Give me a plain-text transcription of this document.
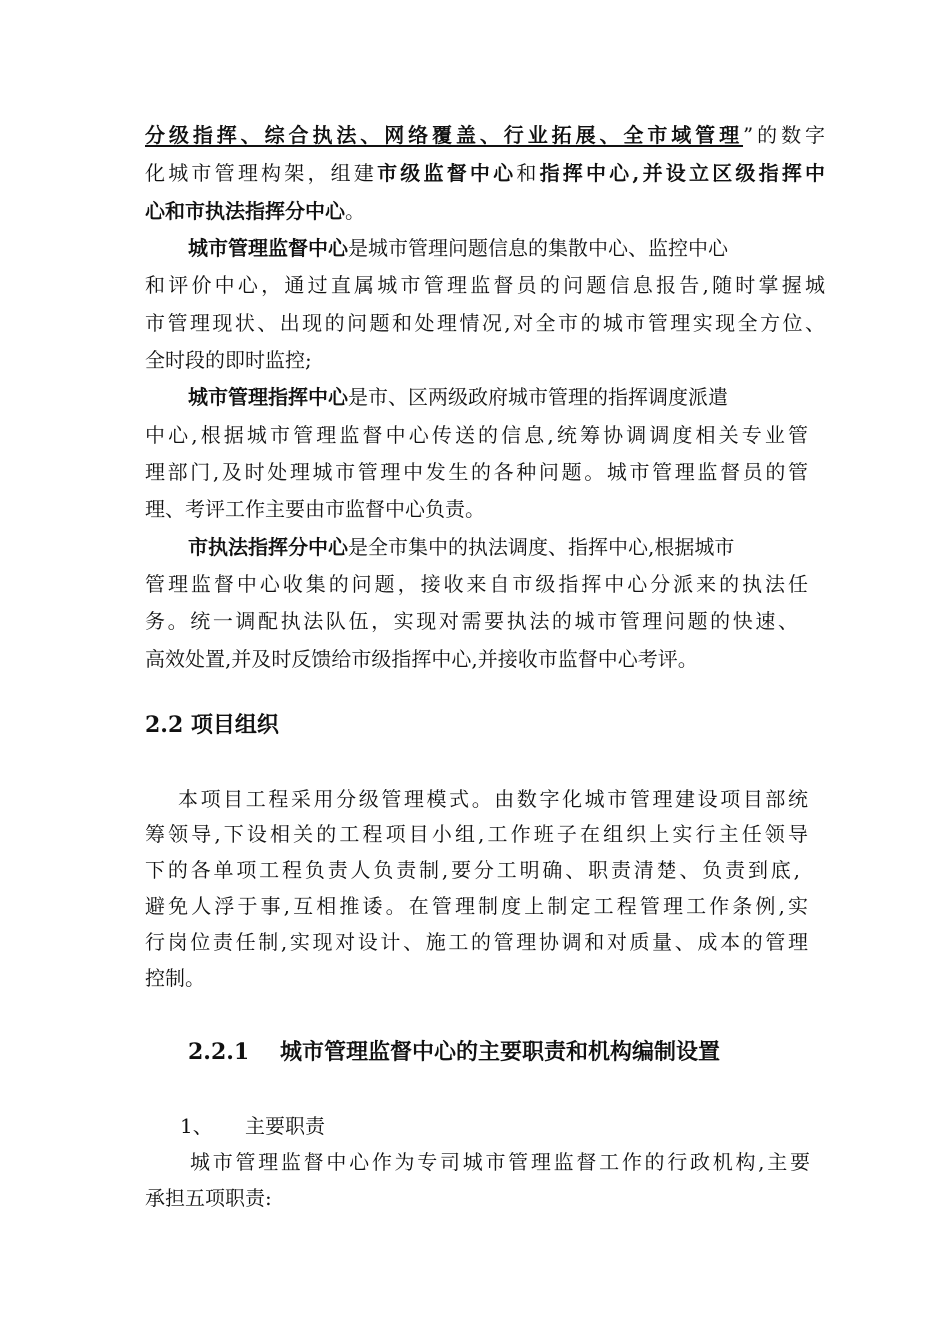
分级指挥、综合执法、网络覆盖、行业拓展、全市域管理”的数字
化城市管理构架，组建市级监督中心和指挥中心,并设立区级指挥中
心和市执法指挥分中心。
城市管理监督中心是城市管理问题信息的集散中心、监控中心
和评价中心，通过直属城市管理监督员的问题信息报告,随时掌握城
市管理现状、出现的问题和处理情况,对全市的城市管理实现全方位、
全时段的即时监控;
城市管理指挥中心是市、区两级政府城市管理的指挥调度派遣
中心,根据城市管理监督中心传送的信息,统筹协调调度相关专业管
理部门,及时处理城市管理中发生的各种问题。城市管理监督员的管
理、考评工作主要由市监督中心负责。
市执法指挥分中心是全市集中的执法调度、指挥中心,根据城市
管理监督中心收集的问题，接收来自市级指挥中心分派来的执法任
务。统一调配执法队伍，实现对需要执法的城市管理问题的快速、
高效处置,并及时反馈给市级指挥中心,并接收市监督中心考评。
2.2 项目组织
本项目工程采用分级管理模式。由数字化城市管理建设项目部统
筹领导,下设相关的工程项目小组,工作班子在组织上实行主任领导
下的各单项工程负责人负责制,要分工明确、职责清楚、负责到底,
避免人浮于事,互相推诿。在管理制度上制定工程管理工作条例,实
行岗位责任制,实现对设计、施工的管理协调和对质量、成本的管理
控制。
2.2.1 城市管理监督中心的主要职责和机构编制设置
1、 主要职责
城市管理监督中心作为专司城市管理监督工作的行政机构,主要
承担五项职责:
